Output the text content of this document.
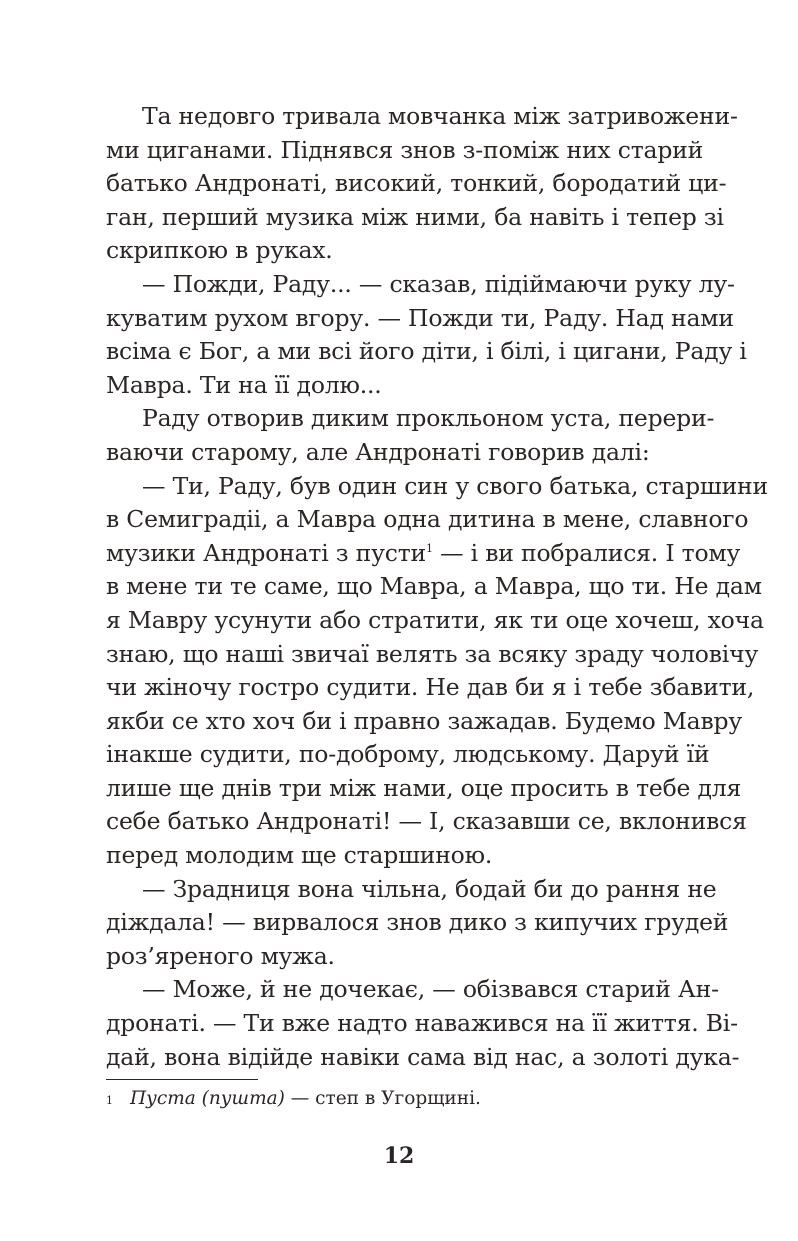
Та недовго тривала мовчанка між затривожени-
ми циганами. Піднявся знов з-поміж них старий
батько Андронаті, високий, тонкий, бородатий ци-
ган, перший музика між ними, ба навіть і тепер зі
скрипкою в руках.
— Пожди, Раду... — сказав, підіймаючи руку лу-
куватим рухом вгору. — Пожди ти, Раду. Над нами
всіма є Бог, а ми всі його діти, і білі, і цигани, Раду і
Мавра. Ти на її долю...
Раду отворив диким прокльоном уста, перери-
ваючи старому, але Андронаті говорив далі:
— Ти, Раду, був один син у свого батька, старшини
в Семиградіі, а Мавра одна дитина в мене, славного
музики Андронаті з пусти$^1$ — і ви побралися. І тому
в мене ти те саме, що Мавра, а Мавра, що ти. Не дам
я Мавру усунути або стратити, як ти оце хочеш, хоча
знаю, що наші звичаї велять за всяку зраду чоловічу
чи жіночу гостро судити. Не дав би я і тебе збавити,
якби се хто хоч би і правно зажадав. Будемо Мавру
інакше судити, по-доброму, людському. Даруй їй
лише ще днів три між нами, оце просить в тебе для
себе батько Андронаті! — І, сказавши се, вклонився
перед молодим ще старшиною.
— Зрадниця вона чільна, бодай би до рання не
діждала! — вирвалося знов дико з кипучих грудей
роз’яреного мужа.
— Може, й не дочекає, — обізвався старий Ан-
дронаті. — Ти вже надто наважився на її життя. Ві-
дай, вона відійде навіки сама від нас, а золоті дука-
1 Пуста (пушта) — степ в Угорщині.
12
